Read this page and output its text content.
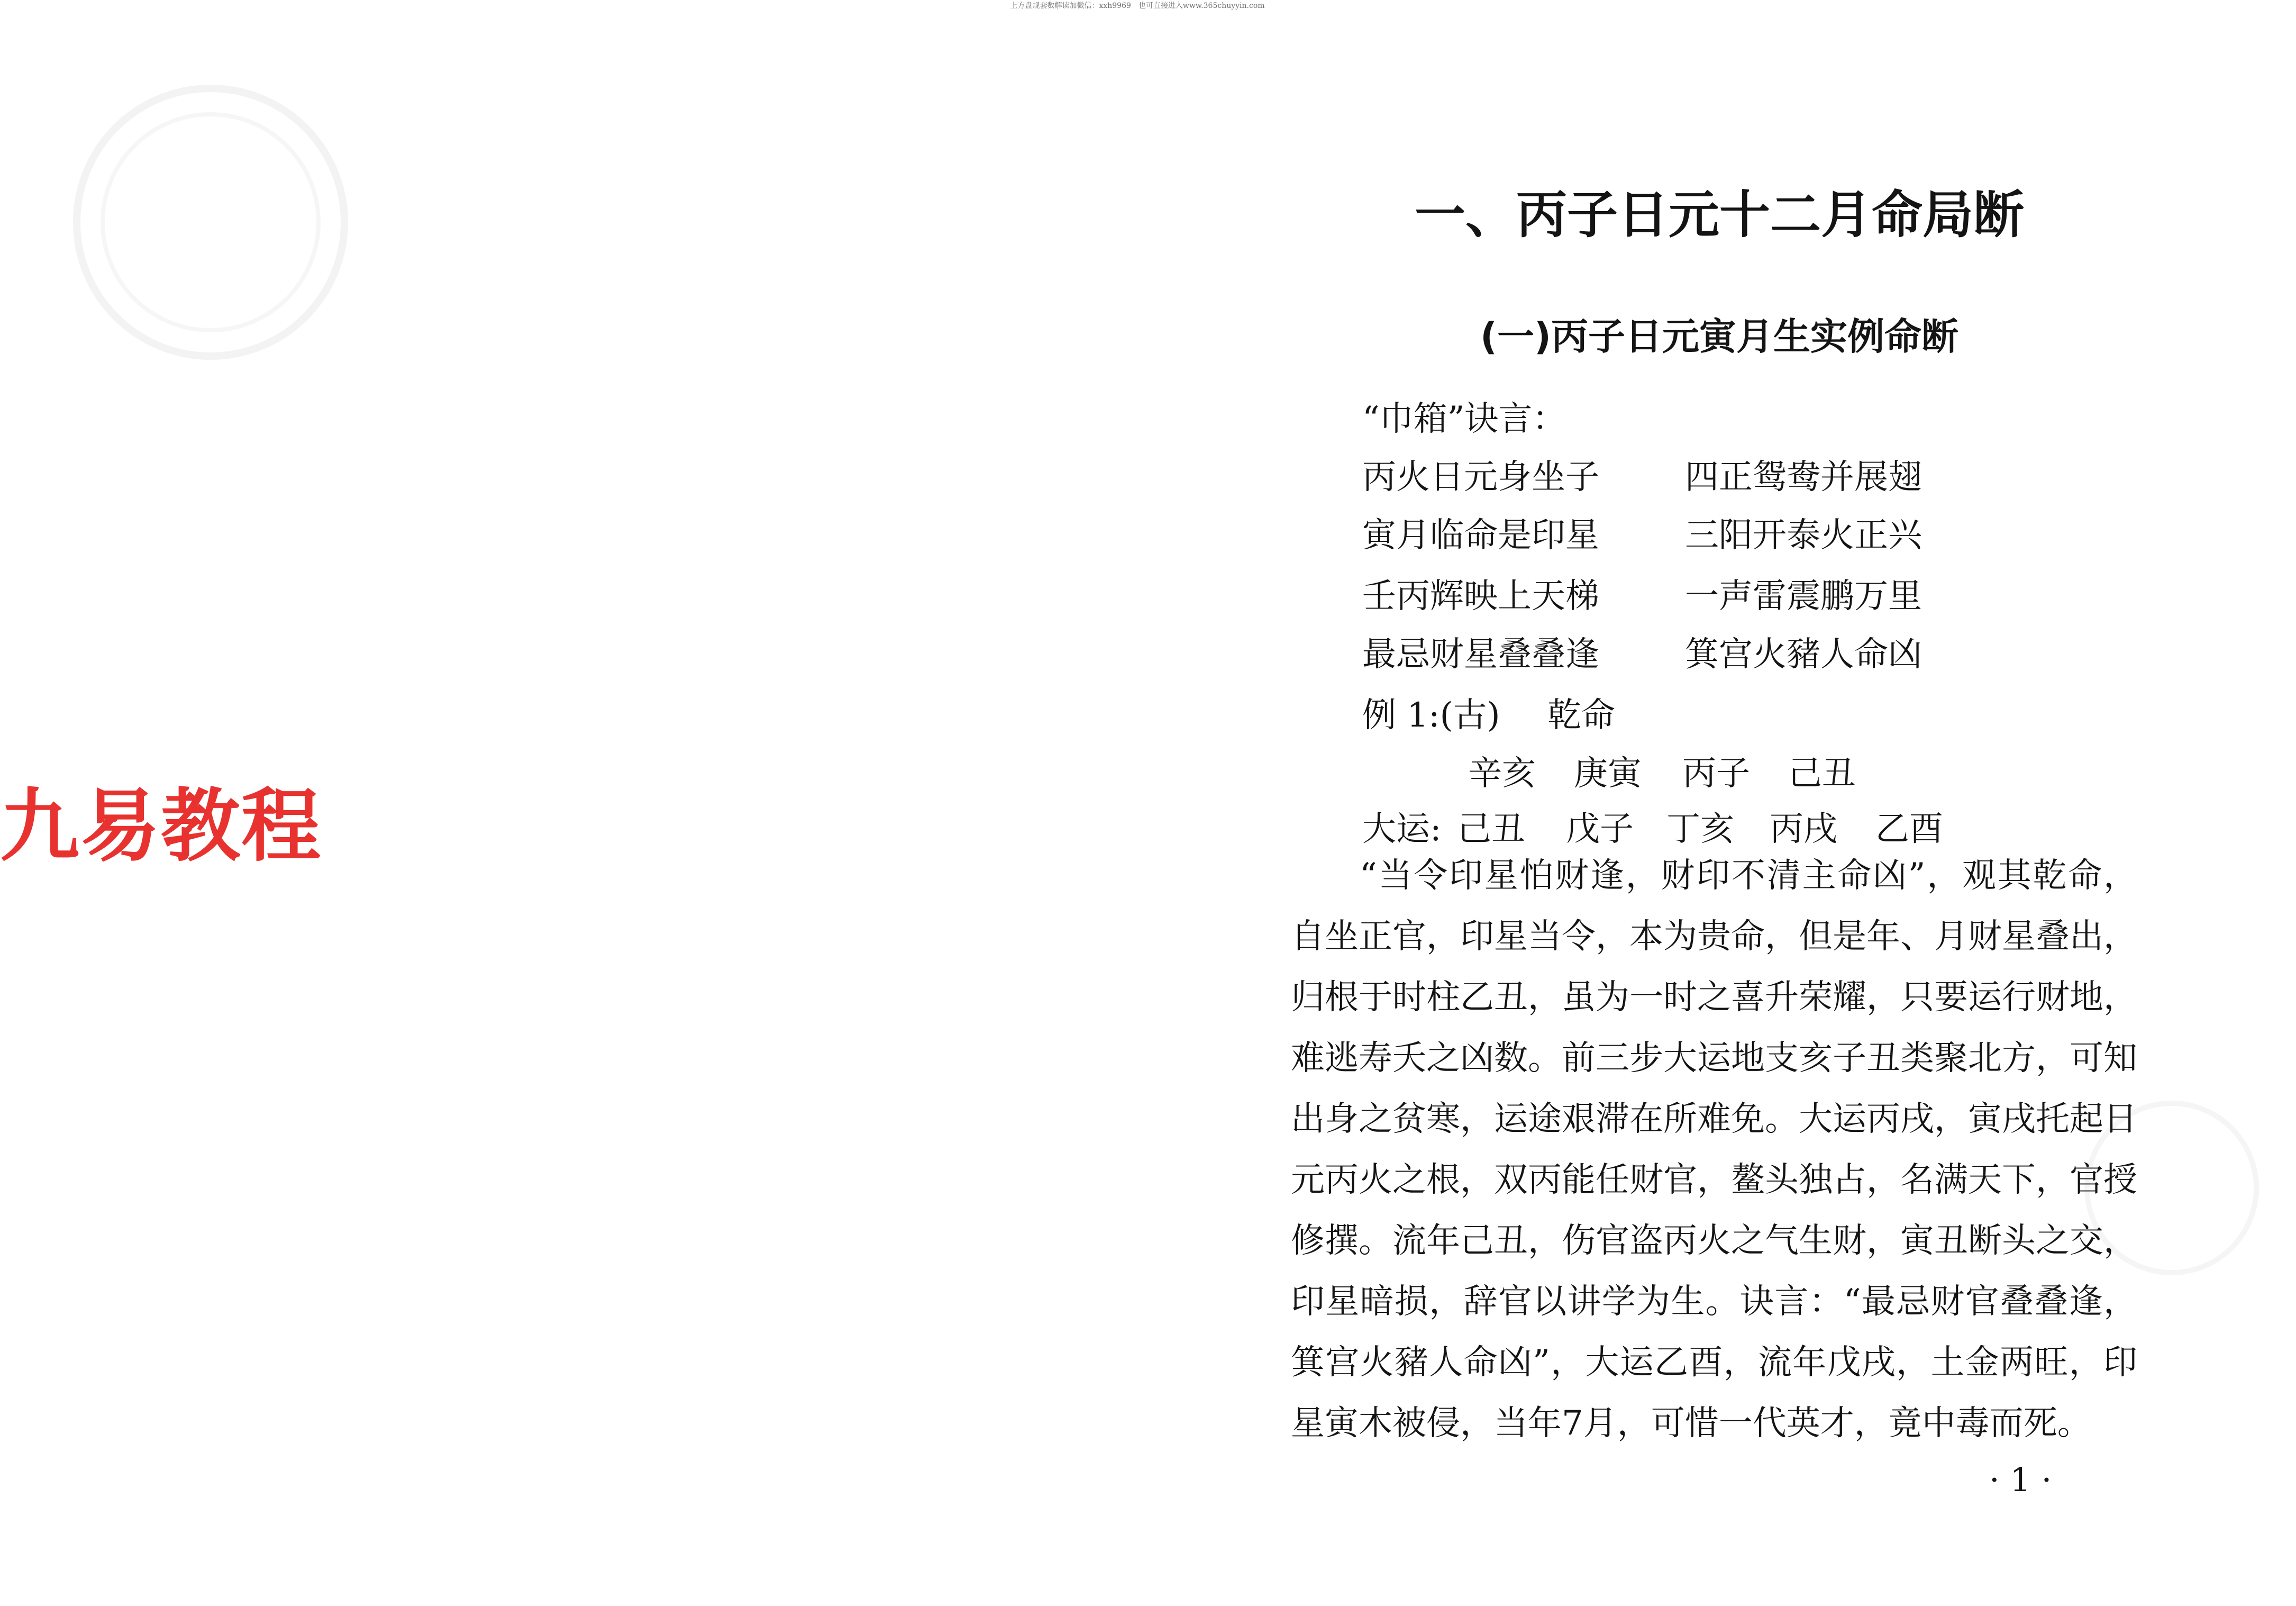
上方盘规套数解读加微信：xxh9969　也可直接进入www.365chuyyin.com
九易教程
一、丙子日元十二月命局断
(一)丙子日元寅月生实例命断
“巾箱”诀言：
丙火日元身坐子	四正鸳鸯并展翅
寅月临命是印星	三阳开泰火正兴
壬丙辉映上天梯	一声雷震鹏万里
最忌财星叠叠逢	箕宫火豬人命凶
例 1:(古) 乾命
辛亥 庚寅 丙子 己丑
大运: 己丑 戊子 丁亥 丙戌 乙酉
“当令印星怕财逢，财印不清主命凶”，观其乾命，自坐正官，印星当令，本为贵命，但是年、月财星叠出，归根于时柱乙丑，虽为一时之喜升荣耀，只要运行财地，难逃寿夭之凶数。前三步大运地支亥子丑类聚北方，可知出身之贫寒，运途艰滞在所难免。大运丙戌，寅戌托起日元丙火之根，双丙能任财官，鳌头独占，名满天下，官授修撰。流年己丑，伤官盗丙火之气生财，寅丑断头之交，印星暗损，辞官以讲学为生。诀言：“最忌财官叠叠逢，箕宫火豬人命凶”，大运乙酉，流年戊戌，土金两旺，印星寅木被侵，当年7月，可惜一代英才，竟中毒而死。
· 1 ·
